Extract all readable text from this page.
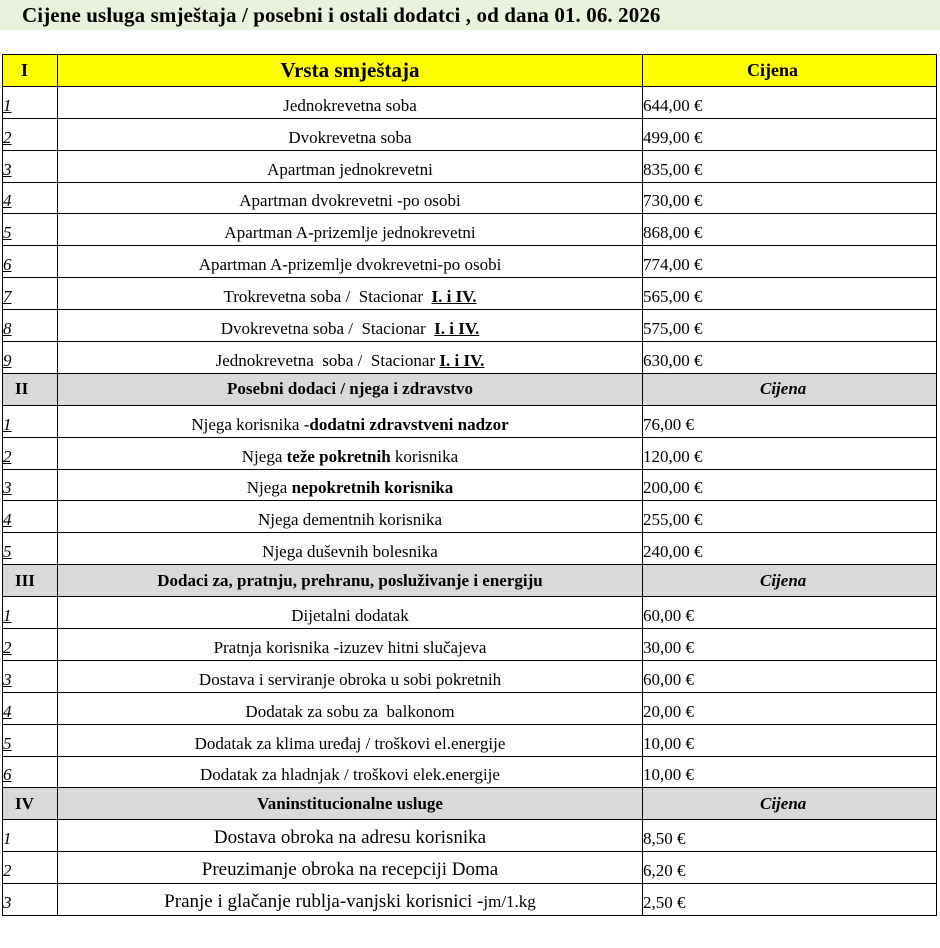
Cijene usluga smještaja / posebni i ostali dodatci , od dana 01. 06. 2026
I	Vrsta smještaja	Cijena
1	Jednokrevetna soba	644,00 €
2	Dvokrevetna soba	499,00 €
3	Apartman jednokrevetni	835,00 €
4	Apartman dvokrevetni -po osobi	730,00 €
5	Apartman A-prizemlje jednokrevetni	868,00 €
6	Apartman A-prizemlje dvokrevetni-po osobi	774,00 €
7	Trokrevetna soba /  Stacionar  I. i IV.	565,00 €
8	Dvokrevetna soba /  Stacionar  I. i IV.	575,00 €
9	Jednokrevetna  soba /  Stacionar I. i IV.	630,00 €
II	Posebni dodaci / njega i zdravstvo	Cijena
1	Njega korisnika -dodatni zdravstveni nadzor	76,00 €
2	Njega teže pokretnih korisnika	120,00 €
3	Njega nepokretnih korisnika	200,00 €
4	Njega dementnih korisnika	255,00 €
5	Njega duševnih bolesnika	240,00 €
III	Dodaci za, pratnju, prehranu, posluživanje i energiju	Cijena
1	Dijetalni dodatak	60,00 €
2	Pratnja korisnika -izuzev hitni slučajeva	30,00 €
3	Dostava i serviranje obroka u sobi pokretnih	60,00 €
4	Dodatak za sobu za  balkonom	20,00 €
5	Dodatak za klima uređaj / troškovi el.energije	10,00 €
6	Dodatak za hladnjak / troškovi elek.energije	10,00 €
IV	Vaninstitucionalne usluge	Cijena
1	Dostava obroka na adresu korisnika	8,50 €
2	Preuzimanje obroka na recepciji Doma	6,20 €
3	Pranje i glačanje rublja-vanjski korisnici -jm/1.kg	2,50 €
